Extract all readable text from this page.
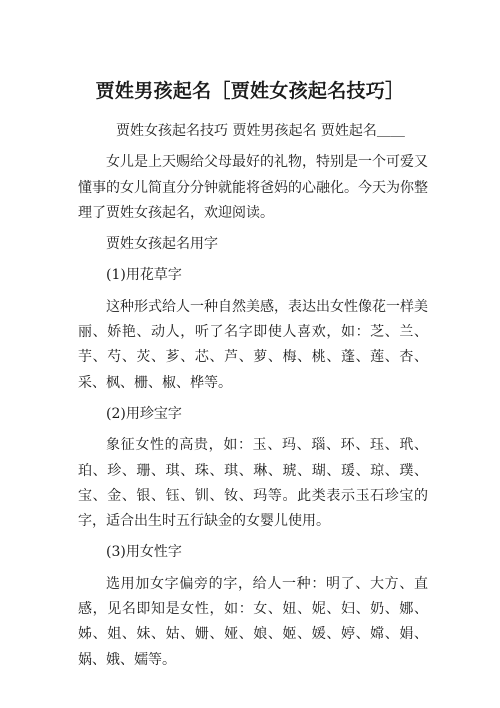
贾姓男孩起名［贾姓女孩起名技巧］

贾姓女孩起名技巧 贾姓男孩起名 贾姓起名＿＿

女儿是上天赐给父母最好的礼物，特别是一个可爱又懂事的女儿简直分分钟就能将爸妈的心融化。今天为你整理了贾姓女孩起名，欢迎阅读。

贾姓女孩起名用字

(1)用花草字

这种形式给人一种自然美感，表达出女性像花一样美丽、娇艳、动人，听了名字即使人喜欢，如：芝、兰、芋、芍、苂、芗、芯、芦、萝、梅、桃、蓬、莲、杏、采、枫、栅、椒、桦等。

(2)用珍宝字

象征女性的高贵，如：玉、玛、瑙、环、珏、玳、珀、珍、珊、琪、珠、琪、琳、琥、瑚、瑗、琼、璞、宝、金、银、钰、钏、钕、玛等。此类表示玉石珍宝的字，适合出生时五行缺金的女婴儿使用。

(3)用女性字

选用加女字偏旁的字，给人一种：明了、大方、直感，见名即知是女性，如：女、妞、妮、妇、奶、娜、姊、姐、妹、姑、姗、娅、娘、姬、媛、婷、嫦、娟、娲、娥、嬬等。
